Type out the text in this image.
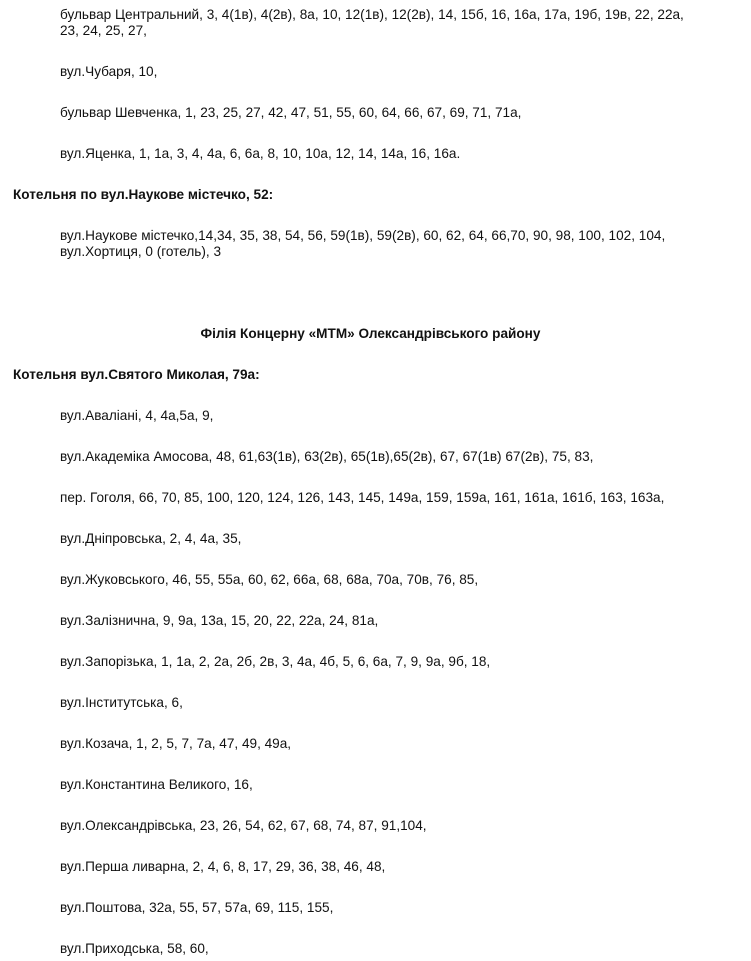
бульвар Центральний, 3, 4(1в), 4(2в), 8а, 10, 12(1в), 12(2в), 14, 15б, 16, 16а, 17а, 19б, 19в, 22, 22а,
23, 24, 25, 27,

вул.Чубаря, 10,

бульвар Шевченка, 1, 23, 25, 27, 42, 47, 51, 55, 60, 64, 66, 67, 69, 71, 71а,

вул.Яценка, 1, 1а, 3, 4, 4а, 6, 6а, 8, 10, 10а, 12, 14, 14а, 16, 16а.

Котельня по вул.Наукове містечко, 52:

вул.Наукове містечко,14,34, 35, 38, 54, 56, 59(1в), 59(2в), 60, 62, 64, 66,70, 90, 98, 100, 102, 104,
вул.Хортиця, 0 (готель), 3

Філія Концерну «МТМ» Олександрівського району

Котельня вул.Святого Миколая, 79а:

вул.Аваліані, 4, 4а,5а, 9,

вул.Академіка Амосова, 48, 61,63(1в), 63(2в), 65(1в),65(2в), 67, 67(1в) 67(2в), 75, 83,

пер. Гоголя, 66, 70, 85, 100, 120, 124, 126, 143, 145, 149а, 159, 159а, 161, 161а, 161б, 163, 163а,

вул.Дніпровська, 2, 4, 4а, 35,

вул.Жуковського, 46, 55, 55а, 60, 62, 66а, 68, 68а, 70а, 70в, 76, 85,

вул.Залізнична, 9, 9а, 13а, 15, 20, 22, 22а, 24, 81а,

вул.Запорізька, 1, 1а, 2, 2а, 2б, 2в, 3, 4а, 4б, 5, 6, 6а, 7, 9, 9а, 9б, 18,

вул.Інститутська, 6,

вул.Козача, 1, 2, 5, 7, 7а, 47, 49, 49а,

вул.Константина Великого, 16,

вул.Олександрівська, 23, 26, 54, 62, 67, 68, 74, 87, 91,104,

вул.Перша ливарна, 2, 4, 6, 8, 17, 29, 36, 38, 46, 48,

вул.Поштова, 32а, 55, 57, 57а, 69, 115, 155,

вул.Приходська, 58, 60,
